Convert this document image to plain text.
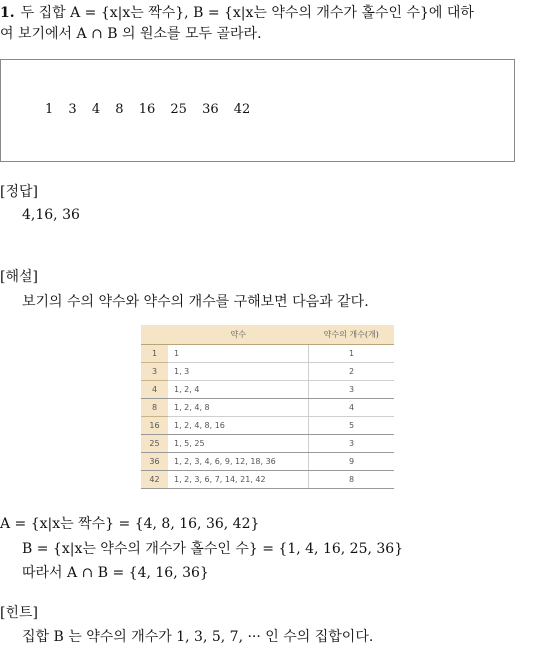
1. 두 집합 A = {x|x는 짝수}, B = {x|x는 약수의 개수가 홀수인 수}에 대하
여 보기에서 A ∩ B 의 원소를 모두 골라라.
1 3 4 8 16 25 36 42
[정답]
4,16, 36
[해설]
보기의 수의 약수와 약수의 개수를 구해보면 다음과 같다.
	약수	약수의 개수(개)
1	1	1
3	1, 3	2
4	1, 2, 4	3
8	1, 2, 4, 8	4
16	1, 2, 4, 8, 16	5
25	1, 5, 25	3
36	1, 2, 3, 4, 6, 9, 12, 18, 36	9
42	1, 2, 3, 6, 7, 14, 21, 42	8
A = {x|x는 짝수} = {4, 8, 16, 36, 42}
B = {x|x는 약수의 개수가 홀수인 수} = {1, 4, 16, 25, 36}
따라서 A ∩ B = {4, 16, 36}
[힌트]
집합 B 는 약수의 개수가 1, 3, 5, 7, ··· 인 수의 집합이다.
